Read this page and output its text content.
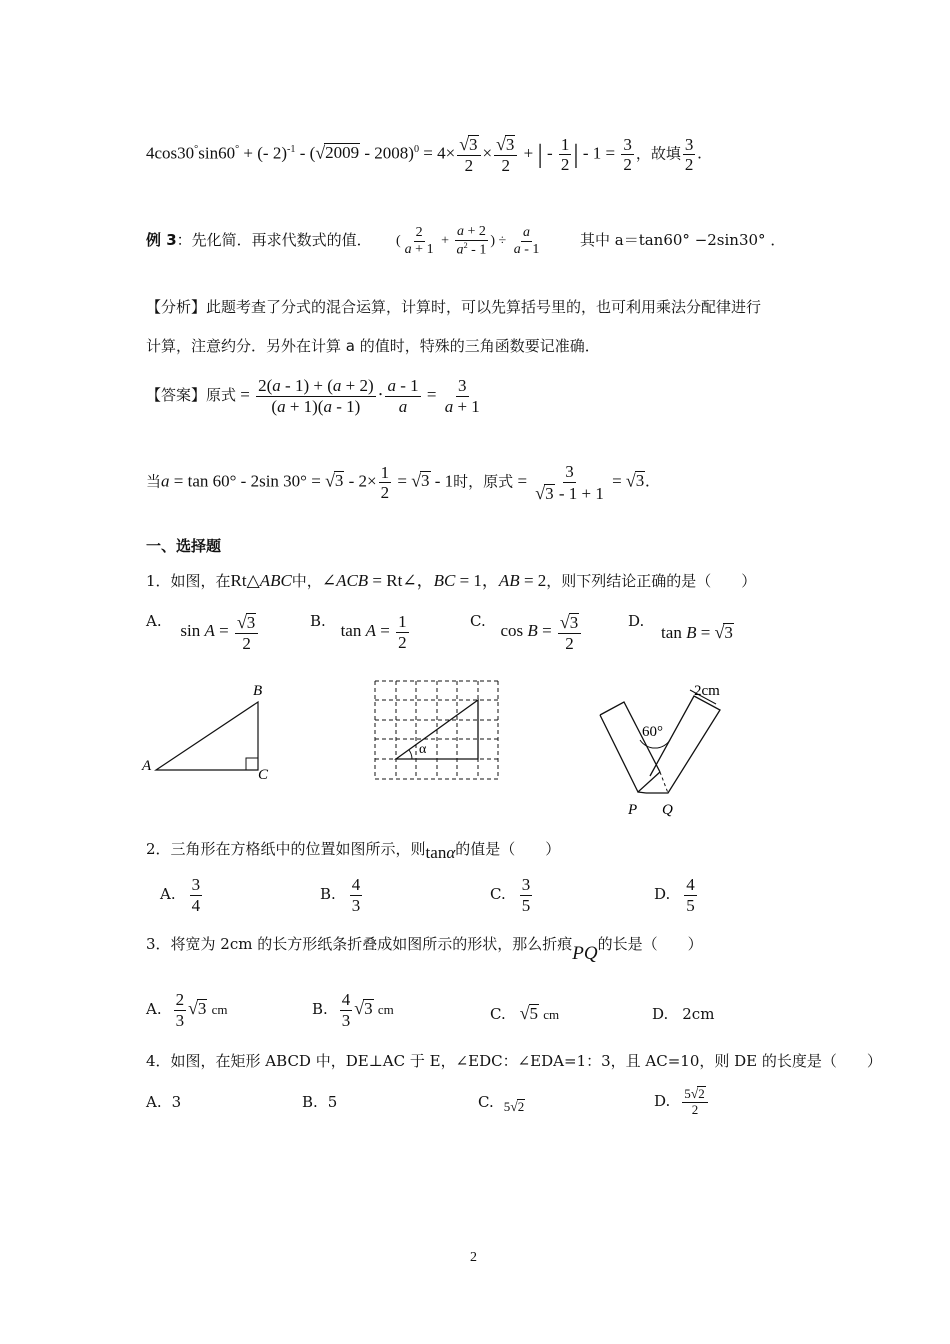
4cos30°sin60° + (- $2)^{-1} - (√2009 - 2008)^0 = 4\times \frac{√3}{2} \times \frac{√3}{2}$ + | - $\frac{1}{2}$ | - $1 = \frac{3}{2}$ ，故填 $\frac{3}{2}$ .
例 3：先化简．再求代数式的值． ( $\frac{2}{a + 1} + \frac{a + 2}{a^2 - 1}$ ) ÷ $\frac{a}{a - 1}$	其中 a＝tan60° −2sin30° ．
【分析】此题考查了分式的混合运算，计算时，可以先算括号里的，也可利用乘法分配律进行
计算，注意约分．另外在计算 a 的值时，特殊的三角函数要记准确．
【答案】原式 = $\frac{2(a - 1) + (a + 2)}{(a + 1)(a - 1)} \cdot \frac{a - 1}{a} = \frac{3}{a + 1}$
当a = tan 60° - 2sin $30^\circ = √3 - 2\times \frac{1}{2} = √3 - 1$时，原式 = $\frac{3}{√3 - 1 + 1} = √3$.
一、选择题
1．如图，在Rt△ABC中，∠ACB = Rt∠，BC = 1，AB = 2，则下列结论正确的是（　　）
A. $\sin A = \frac{√3}{2}$	B. $\tan A = \frac{1}{2}$	C. $\cos B = \frac{√3}{2}$	D. tan B = √3
B
A
C
α
2cm
60°
P Q
2．三角形在方格纸中的位置如图所示，则tanα的值是（　　）
A. $\frac{3}{4}$	B. $\frac{4}{3}$	C. $\frac{3}{5}$	D. $\frac{4}{5}$
3．将宽为 2cm 的长方形纸条折叠成如图所示的形状，那么折痕PQ的长是（　　）
A. $\frac{2}{3} √3$ cm	B. $\frac{4}{3} √3$ cm	C. √5 cm	D. 2cm
4．如图，在矩形 ABCD 中，DE⊥AC 于 E，∠EDC：∠EDA=1：3，且 AC=10，则 DE 的长度是（　　）
A. 3	B. 5	C. 5√2	D. $\frac{5√2}{2}$
2
